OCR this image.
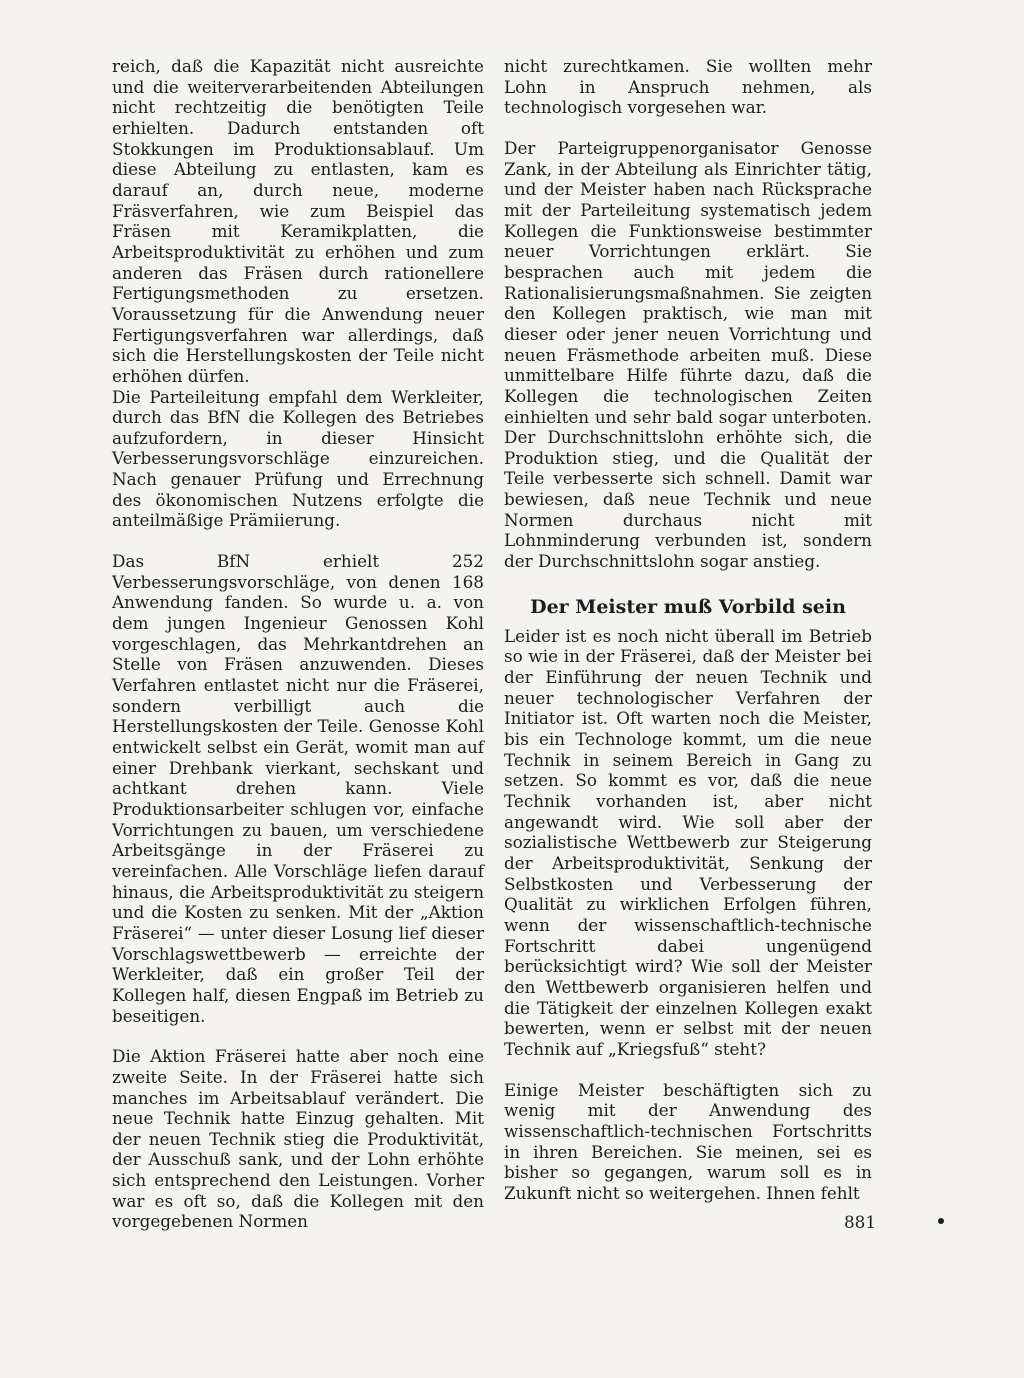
reich, daß die Kapazität nicht ausreichte und die weiterverarbeitenden Abteilungen nicht rechtzeitig die benötigten Teile erhielten. Dadurch entstanden oft Stokkungen im Produktionsablauf. Um diese Abteilung zu entlasten, kam es darauf an, durch neue, moderne Fräsverfahren, wie zum Beispiel das Fräsen mit Keramikplatten, die Arbeitsproduktivität zu erhöhen und zum anderen das Fräsen durch rationellere Fertigungsmethoden zu ersetzen. Voraussetzung für die Anwendung neuer Fertigungsverfahren war allerdings, daß sich die Herstellungskosten der Teile nicht erhöhen dürfen.

Die Parteileitung empfahl dem Werkleiter, durch das BfN die Kollegen des Betriebes aufzufordern, in dieser Hinsicht Verbesserungsvorschläge einzureichen. Nach genauer Prüfung und Errechnung des ökonomischen Nutzens erfolgte die anteilmäßige Prämiierung.

Das BfN erhielt 252 Verbesserungsvorschläge, von denen 168 Anwendung fanden. So wurde u. a. von dem jungen Ingenieur Genossen Kohl vorgeschlagen, das Mehrkantdrehen an Stelle von Fräsen anzuwenden. Dieses Verfahren entlastet nicht nur die Fräserei, sondern verbilligt auch die Herstellungskosten der Teile. Genosse Kohl entwickelt selbst ein Gerät, womit man auf einer Drehbank vierkant, sechskant und achtkant drehen kann. Viele Produktionsarbeiter schlugen vor, einfache Vorrichtungen zu bauen, um verschiedene Arbeitsgänge in der Fräserei zu vereinfachen. Alle Vorschläge liefen darauf hinaus, die Arbeitsproduktivität zu steigern und die Kosten zu senken. Mit der „Aktion Fräserei“ — unter dieser Losung lief dieser Vorschlagswettbewerb — erreichte der Werkleiter, daß ein großer Teil der Kollegen half, diesen Engpaß im Betrieb zu beseitigen.

Die Aktion Fräserei hatte aber noch eine zweite Seite. In der Fräserei hatte sich manches im Arbeitsablauf verändert. Die neue Technik hatte Einzug gehalten. Mit der neuen Technik stieg die Produktivität, der Ausschuß sank, und der Lohn erhöhte sich entsprechend den Leistungen. Vorher war es oft so, daß die Kollegen mit den vorgegebenen Normen

nicht zurechtkamen. Sie wollten mehr Lohn in Anspruch nehmen, als technologisch vorgesehen war.

Der Parteigruppenorganisator Genosse Zank, in der Abteilung als Einrichter tätig, und der Meister haben nach Rücksprache mit der Parteileitung systematisch jedem Kollegen die Funktionsweise bestimmter neuer Vorrichtungen erklärt. Sie besprachen auch mit jedem die Rationalisierungsmaßnahmen. Sie zeigten den Kollegen praktisch, wie man mit dieser oder jener neuen Vorrichtung und neuen Fräsmethode arbeiten muß. Diese unmittelbare Hilfe führte dazu, daß die Kollegen die technologischen Zeiten einhielten und sehr bald sogar unterboten. Der Durchschnittslohn erhöhte sich, die Produktion stieg, und die Qualität der Teile verbesserte sich schnell. Damit war bewiesen, daß neue Technik und neue Normen durchaus nicht mit Lohnminderung verbunden ist, sondern der Durchschnittslohn sogar anstieg.

Der Meister muß Vorbild sein

Leider ist es noch nicht überall im Betrieb so wie in der Fräserei, daß der Meister bei der Einführung der neuen Technik und neuer technologischer Verfahren der Initiator ist. Oft warten noch die Meister, bis ein Technologe kommt, um die neue Technik in seinem Bereich in Gang zu setzen. So kommt es vor, daß die neue Technik vorhanden ist, aber nicht angewandt wird. Wie soll aber der sozialistische Wettbewerb zur Steigerung der Arbeitsproduktivität, Senkung der Selbstkosten und Verbesserung der Qualität zu wirklichen Erfolgen führen, wenn der wissenschaftlich-technische Fortschritt dabei ungenügend berücksichtigt wird? Wie soll der Meister den Wettbewerb organisieren helfen und die Tätigkeit der einzelnen Kollegen exakt bewerten, wenn er selbst mit der neuen Technik auf „Kriegsfuß“ steht?

Einige Meister beschäftigten sich zu wenig mit der Anwendung des wissenschaftlich-technischen Fortschritts in ihren Bereichen. Sie meinen, sei es bisher so gegangen, warum soll es in Zukunft nicht so weitergehen. Ihnen fehlt

881
